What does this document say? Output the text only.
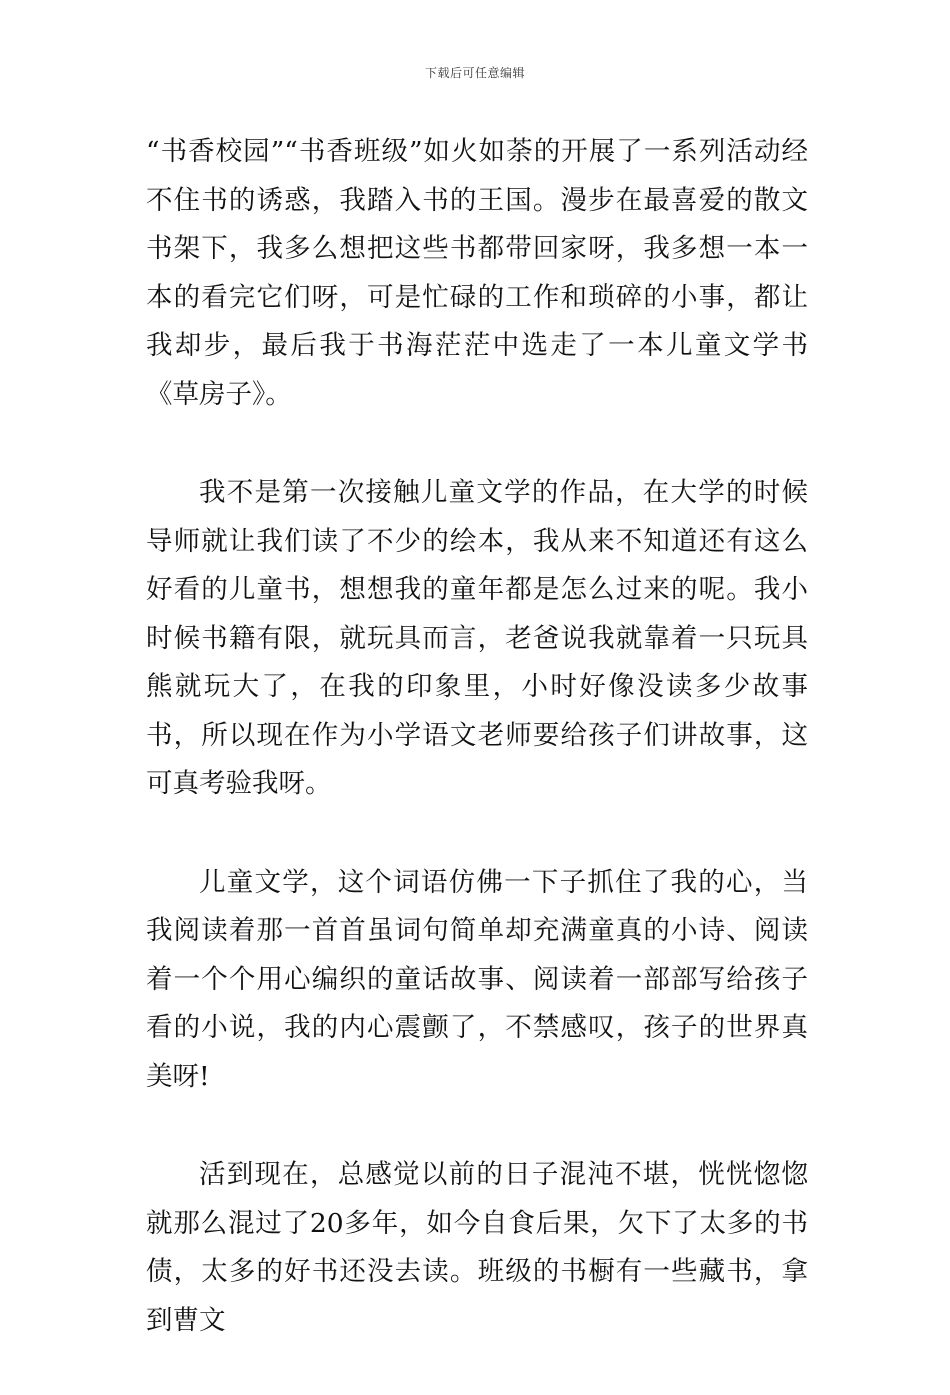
下载后可任意编辑

“书香校园”“书香班级”如火如荼的开展了一系列活动经不住书的诱惑，我踏入书的王国。漫步在最喜爱的散文书架下，我多么想把这些书都带回家呀，我多想一本一本的看完它们呀，可是忙碌的工作和琐碎的小事，都让我却步，最后我于书海茫茫中选走了一本儿童文学书《草房子》。

我不是第一次接触儿童文学的作品，在大学的时候导师就让我们读了不少的绘本，我从来不知道还有这么好看的儿童书，想想我的童年都是怎么过来的呢。我小时候书籍有限，就玩具而言，老爸说我就靠着一只玩具熊就玩大了，在我的印象里，小时好像没读多少故事书，所以现在作为小学语文老师要给孩子们讲故事，这可真考验我呀。

儿童文学，这个词语仿佛一下子抓住了我的心，当我阅读着那一首首虽词句简单却充满童真的小诗、阅读着一个个用心编织的童话故事、阅读着一部部写给孩子看的小说，我的内心震颤了，不禁感叹，孩子的世界真美呀!

活到现在，总感觉以前的日子混沌不堪，恍恍惚惚就那么混过了20多年，如今自食后果，欠下了太多的书债，太多的好书还没去读。班级的书橱有一些藏书，拿到曹文
